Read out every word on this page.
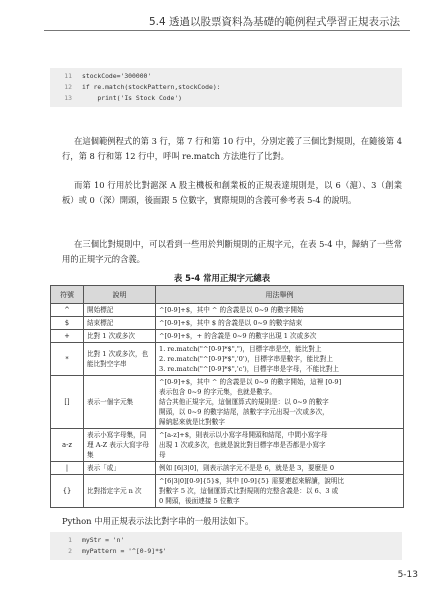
5.4 透過以股票資料為基礎的範例程式學習正規表示法
11 stockCode='300000'
12 if re.match(stockPattern,stockCode):
13    print('Is Stock Code')

在這個範例程式的第 3 行，第 7 行和第 10 行中，分別定義了三個比對規則，在隨後第 4 行，第 8 行和第 12 行中，呼叫 re.match 方法進行了比對。

而第 10 行用於比對滬深 A 股主機板和創業板的正規表達規則是，以 6（滬）、3（創業板）或 0（深）開頭，後面跟 5 位數字，實際規則的含義可參考表 5-4 的說明。

在三個比對規則中，可以看到一些用於判斷規則的正規字元，在表 5-4 中，歸納了一些常用的正規字元的含義。

表 5-4 常用正規字元總表
符號	說明	用法舉例
^	開始標記	^[0-9]+$，其中 ^ 的含義是以 0~9 的數字開始

$	結束標記	^[0-9]+$，其中 $ 的含義是以 0~9 的數字結束

+	比對 1 次或多次	^[0-9]+$，+ 的含義是 0~9 的數字出現 1 次或多次

*	比對 1 次或多次，也能比對空字串	1. re.match("^[0-9]*$",")，目標字串是空，能比對上
2. re.match("^[0-9]*$",'0')，目標字串是數字，能比對上
3. re.match("^[0-9]*$",'c')，目標字串是字母，不能比對上

[]	表示一個字元集	^[0-9]+$，其中 ^ 的含義是以 0~9 的數字開始，這裡 [0-9]
表示包含 0~9 的字元集，也就是數字。
結合其他正規字元，這個運算式的規則是：以 0~9 的數字
開頭，以 0~9 的數字結尾，該數字字元出現一次或多次，
歸納起來就是比對數字

a-z	表示小寫字母集，同理 A-Z 表示大寫字母集	^[a-z]+$，則表示以小寫字母開頭和結尾，中間小寫字母
出現 1 次或多次，也就是說比對目標字串是否都是小寫字
母

|	表示「或」	例如 [6|3|0]，則表示該字元不是是 6，就是是 3，要麼是 0

{}	比對指定字元 n 次	^[6|3|0][0-9]{5}$，其中 [0-9]{5} 需要連起來解讀，說明比
對數字 5 次，這個運算式比對規則的完整含義是：以 6、3 或
0 開頭，後面連接 5 位數字
Python 中用正規表示法比對字串的一般用法如下。
1 myStr = 'n'
2 myPattern = '^[0-9]*$'
5-13
